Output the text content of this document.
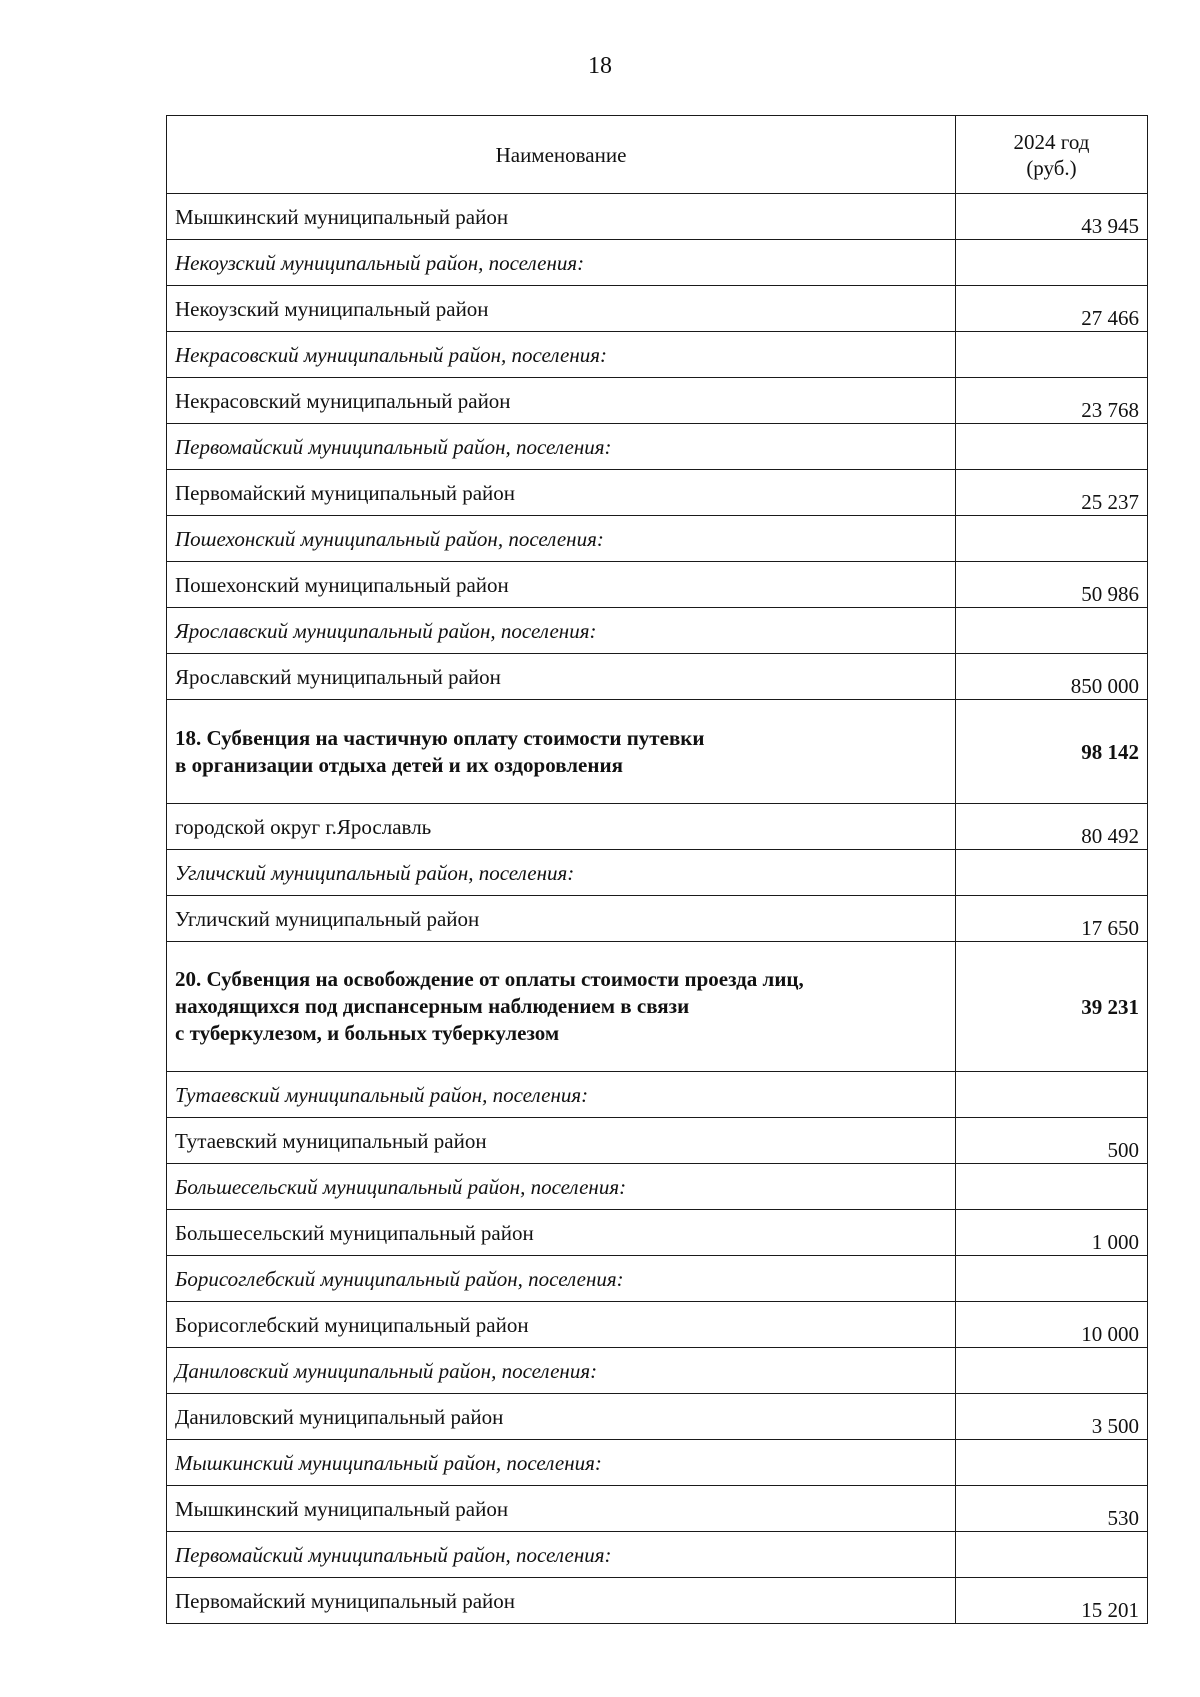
18
Наименование	2024 год
(руб.)

Мышкинский муниципальный район	43 945
Некоузский муниципальный район, поселения:	
Некоузский муниципальный район	27 466
Некрасовский муниципальный район, поселения:	
Некрасовский муниципальный район	23 768
Первомайский муниципальный район, поселения:	
Первомайский муниципальный район	25 237
Пошехонский муниципальный район, поселения:	
Пошехонский муниципальный район	50 986
Ярославский муниципальный район, поселения:	
Ярославский муниципальный район	850 000

18. Субвенция на частичную оплату стоимости путевки
в организации отдыха детей и их оздоровления	98 142
городской округ г.Ярославль	80 492
Угличский муниципальный район, поселения:	
Угличский муниципальный район	17 650

20. Субвенция на освобождение от оплаты стоимости проезда лиц,
находящихся под диспансерным наблюдением в связи
с туберкулезом, и больных туберкулезом	39 231
Тутаевский муниципальный район, поселения:	
Тутаевский муниципальный район	500
Большесельский муниципальный район, поселения:	
Большесельский муниципальный район	1 000
Борисоглебский муниципальный район, поселения:	
Борисоглебский муниципальный район	10 000
Даниловский муниципальный район, поселения:	
Даниловский муниципальный район	3 500
Мышкинский муниципальный район, поселения:	
Мышкинский муниципальный район	530
Первомайский муниципальный район, поселения:	
Первомайский муниципальный район	15 201
